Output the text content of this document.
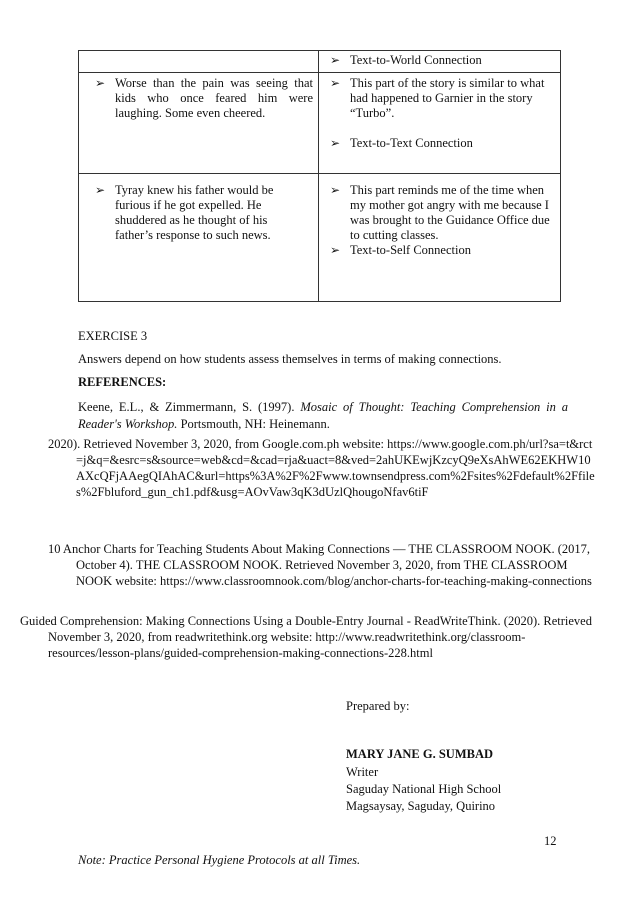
➢ Text-to-World Connection
➢ Worse than the pain was seeing that kids who once feared him were laughing. Some even cheered.
➢ This part of the story is similar to what had happened to Garnier in the story “Turbo”.
➢ Text-to-Text Connection
➢ Tyray knew his father would be furious if he got expelled. He shuddered as he thought of his father’s response to such news.
➢ This part reminds me of the time when my mother got angry with me because I was brought to the Guidance Office due to cutting classes.
➢ Text-to-Self Connection
EXERCISE 3
Answers depend on how students assess themselves in terms of making connections.
REFERENCES:
Keene, E.L., & Zimmermann, S. (1997). Mosaic of Thought: Teaching Comprehension in a Reader's Workshop. Portsmouth, NH: Heinemann.
2020). Retrieved November 3, 2020, from Google.com.ph website: https://www.google.com.ph/url?sa=t&rct=j&q=&esrc=s&source=web&cd=&cad=rja&uact=8&ved=2ahUKEwjKzcyQ9eXsAhWE62EKHW10AXcQFjAAegQIAhAC&url=https%3A%2F%2Fwww.townsendpress.com%2Fsites%2Fdefault%2Ffiles%2Fbluford_gun_ch1.pdf&usg=AOvVaw3qK3dUzlQhougoNfav6tiF
10 Anchor Charts for Teaching Students About Making Connections — THE CLASSROOM NOOK. (2017, October 4). THE CLASSROOM NOOK. Retrieved November 3, 2020, from THE CLASSROOM NOOK website: https://www.classroomnook.com/blog/anchor-charts-for-teaching-making-connections
Guided Comprehension: Making Connections Using a Double-Entry Journal - ReadWriteThink. (2020). Retrieved November 3, 2020, from readwritethink.org website: http://www.readwritethink.org/classroom-resources/lesson-plans/guided-comprehension-making-connections-228.html
Prepared by:
MARY JANE G. SUMBAD
Writer
Saguday National High School
Magsaysay, Saguday, Quirino
12
Note: Practice Personal Hygiene Protocols at all Times.
